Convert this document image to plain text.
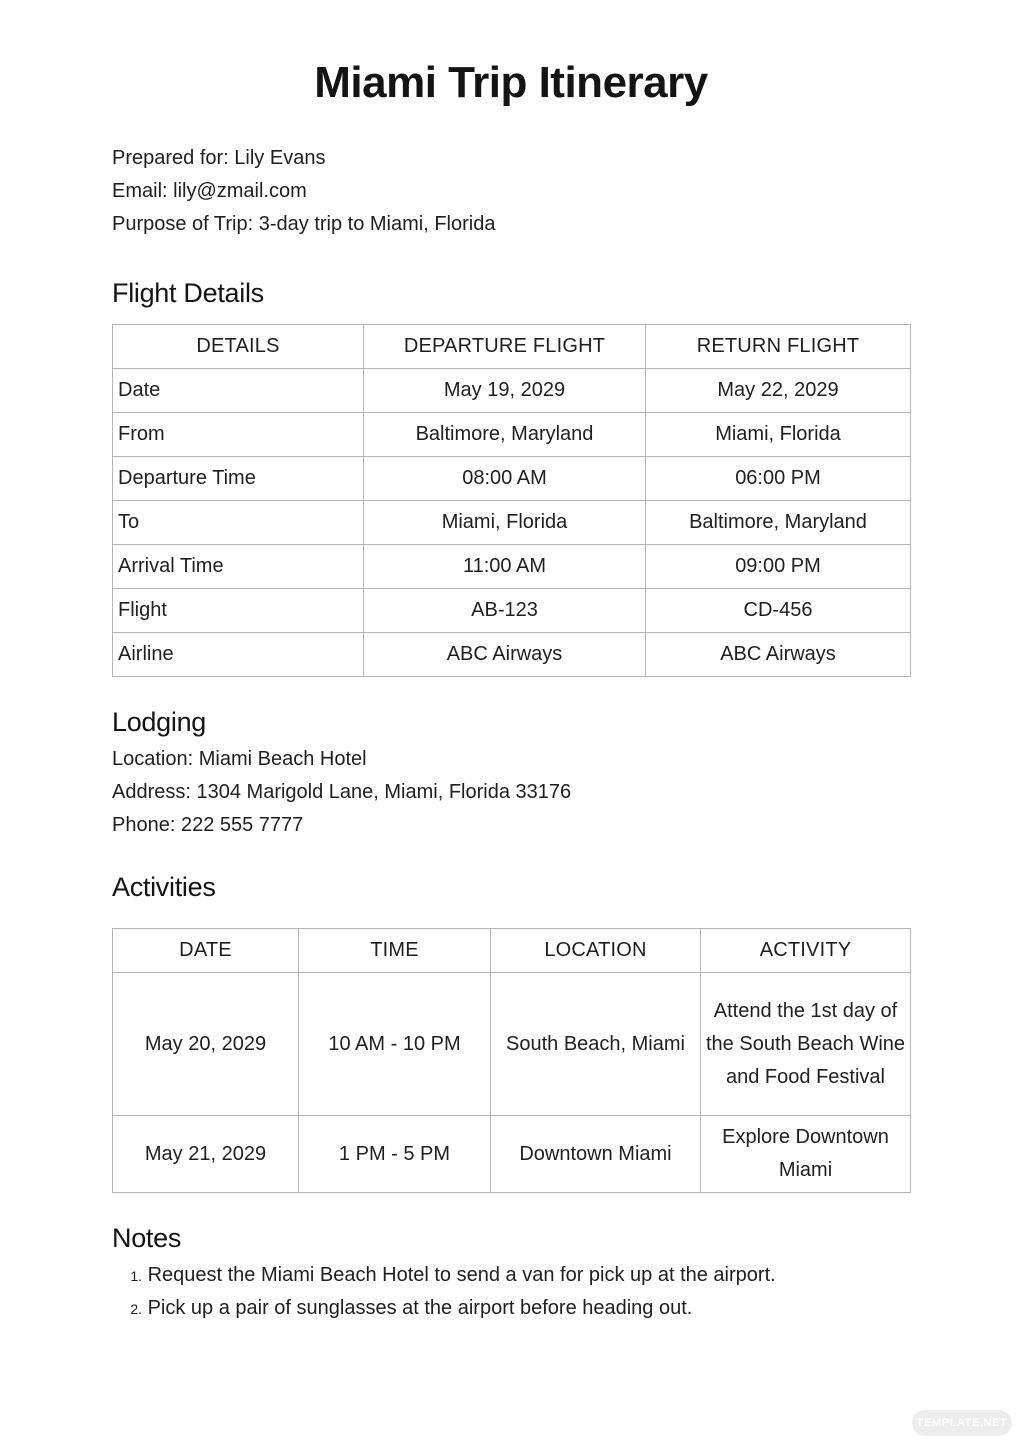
Miami Trip Itinerary
Prepared for: Lily Evans
Email: lily@zmail.com
Purpose of Trip: 3-day trip to Miami, Florida
Flight Details
DETAILS	DEPARTURE FLIGHT	RETURN FLIGHT
Date	May 19, 2029	May 22, 2029
From	Baltimore, Maryland	Miami, Florida
Departure Time	08:00 AM	06:00 PM
To	Miami, Florida	Baltimore, Maryland
Arrival Time	11:00 AM	09:00 PM
Flight	AB-123	CD-456
Airline	ABC Airways	ABC Airways
Lodging
Location: Miami Beach Hotel
Address: 1304 Marigold Lane, Miami, Florida 33176
Phone: 222 555 7777
Activities
DATE	TIME	LOCATION	ACTIVITY
May 20, 2029	10 AM - 10 PM	South Beach, Miami	Attend the 1st day of the South Beach Wine and Food Festival
May 21, 2029	1 PM - 5 PM	Downtown Miami	Explore Downtown Miami
Notes
1. Request the Miami Beach Hotel to send a van for pick up at the airport.
2. Pick up a pair of sunglasses at the airport before heading out.
TEMPLATE.NET
